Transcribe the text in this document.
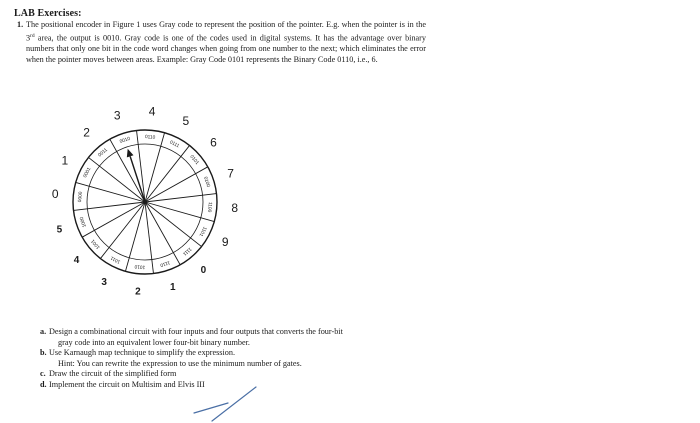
LAB Exercises:
1. The positional encoder in Figure 1 uses Gray code to represent the position of the pointer. E.g. when the pointer is in the 3rd area, the output is 0010. Gray code is one of the codes used in digital systems. It has the advantage over binary numbers that only one bit in the code word changes when going from one number to the next; which eliminates the error when the pointer moves between areas. Example: Gray Code 0101 represents the Binary Code 0110, i.e., 6.

0000
0
0001
1
0011
2
0010
3
0110
4
0111
5
0101
6
0100
7
1100 8
1101
9
1111
0
1110
1
1010
2
1011
3
1001
4
1000
5
a. Design a combinational circuit with four inputs and four outputs that converts the four-bit
gray code into an equivalent lower four-bit binary number.
b. Use Karnaugh map technique to simplify the expression.
Hint: You can rewrite the expression to use the minimum number of gates.
c. Draw the circuit of the simplified form
d. Implement the circuit on Multisim and Elvis III
